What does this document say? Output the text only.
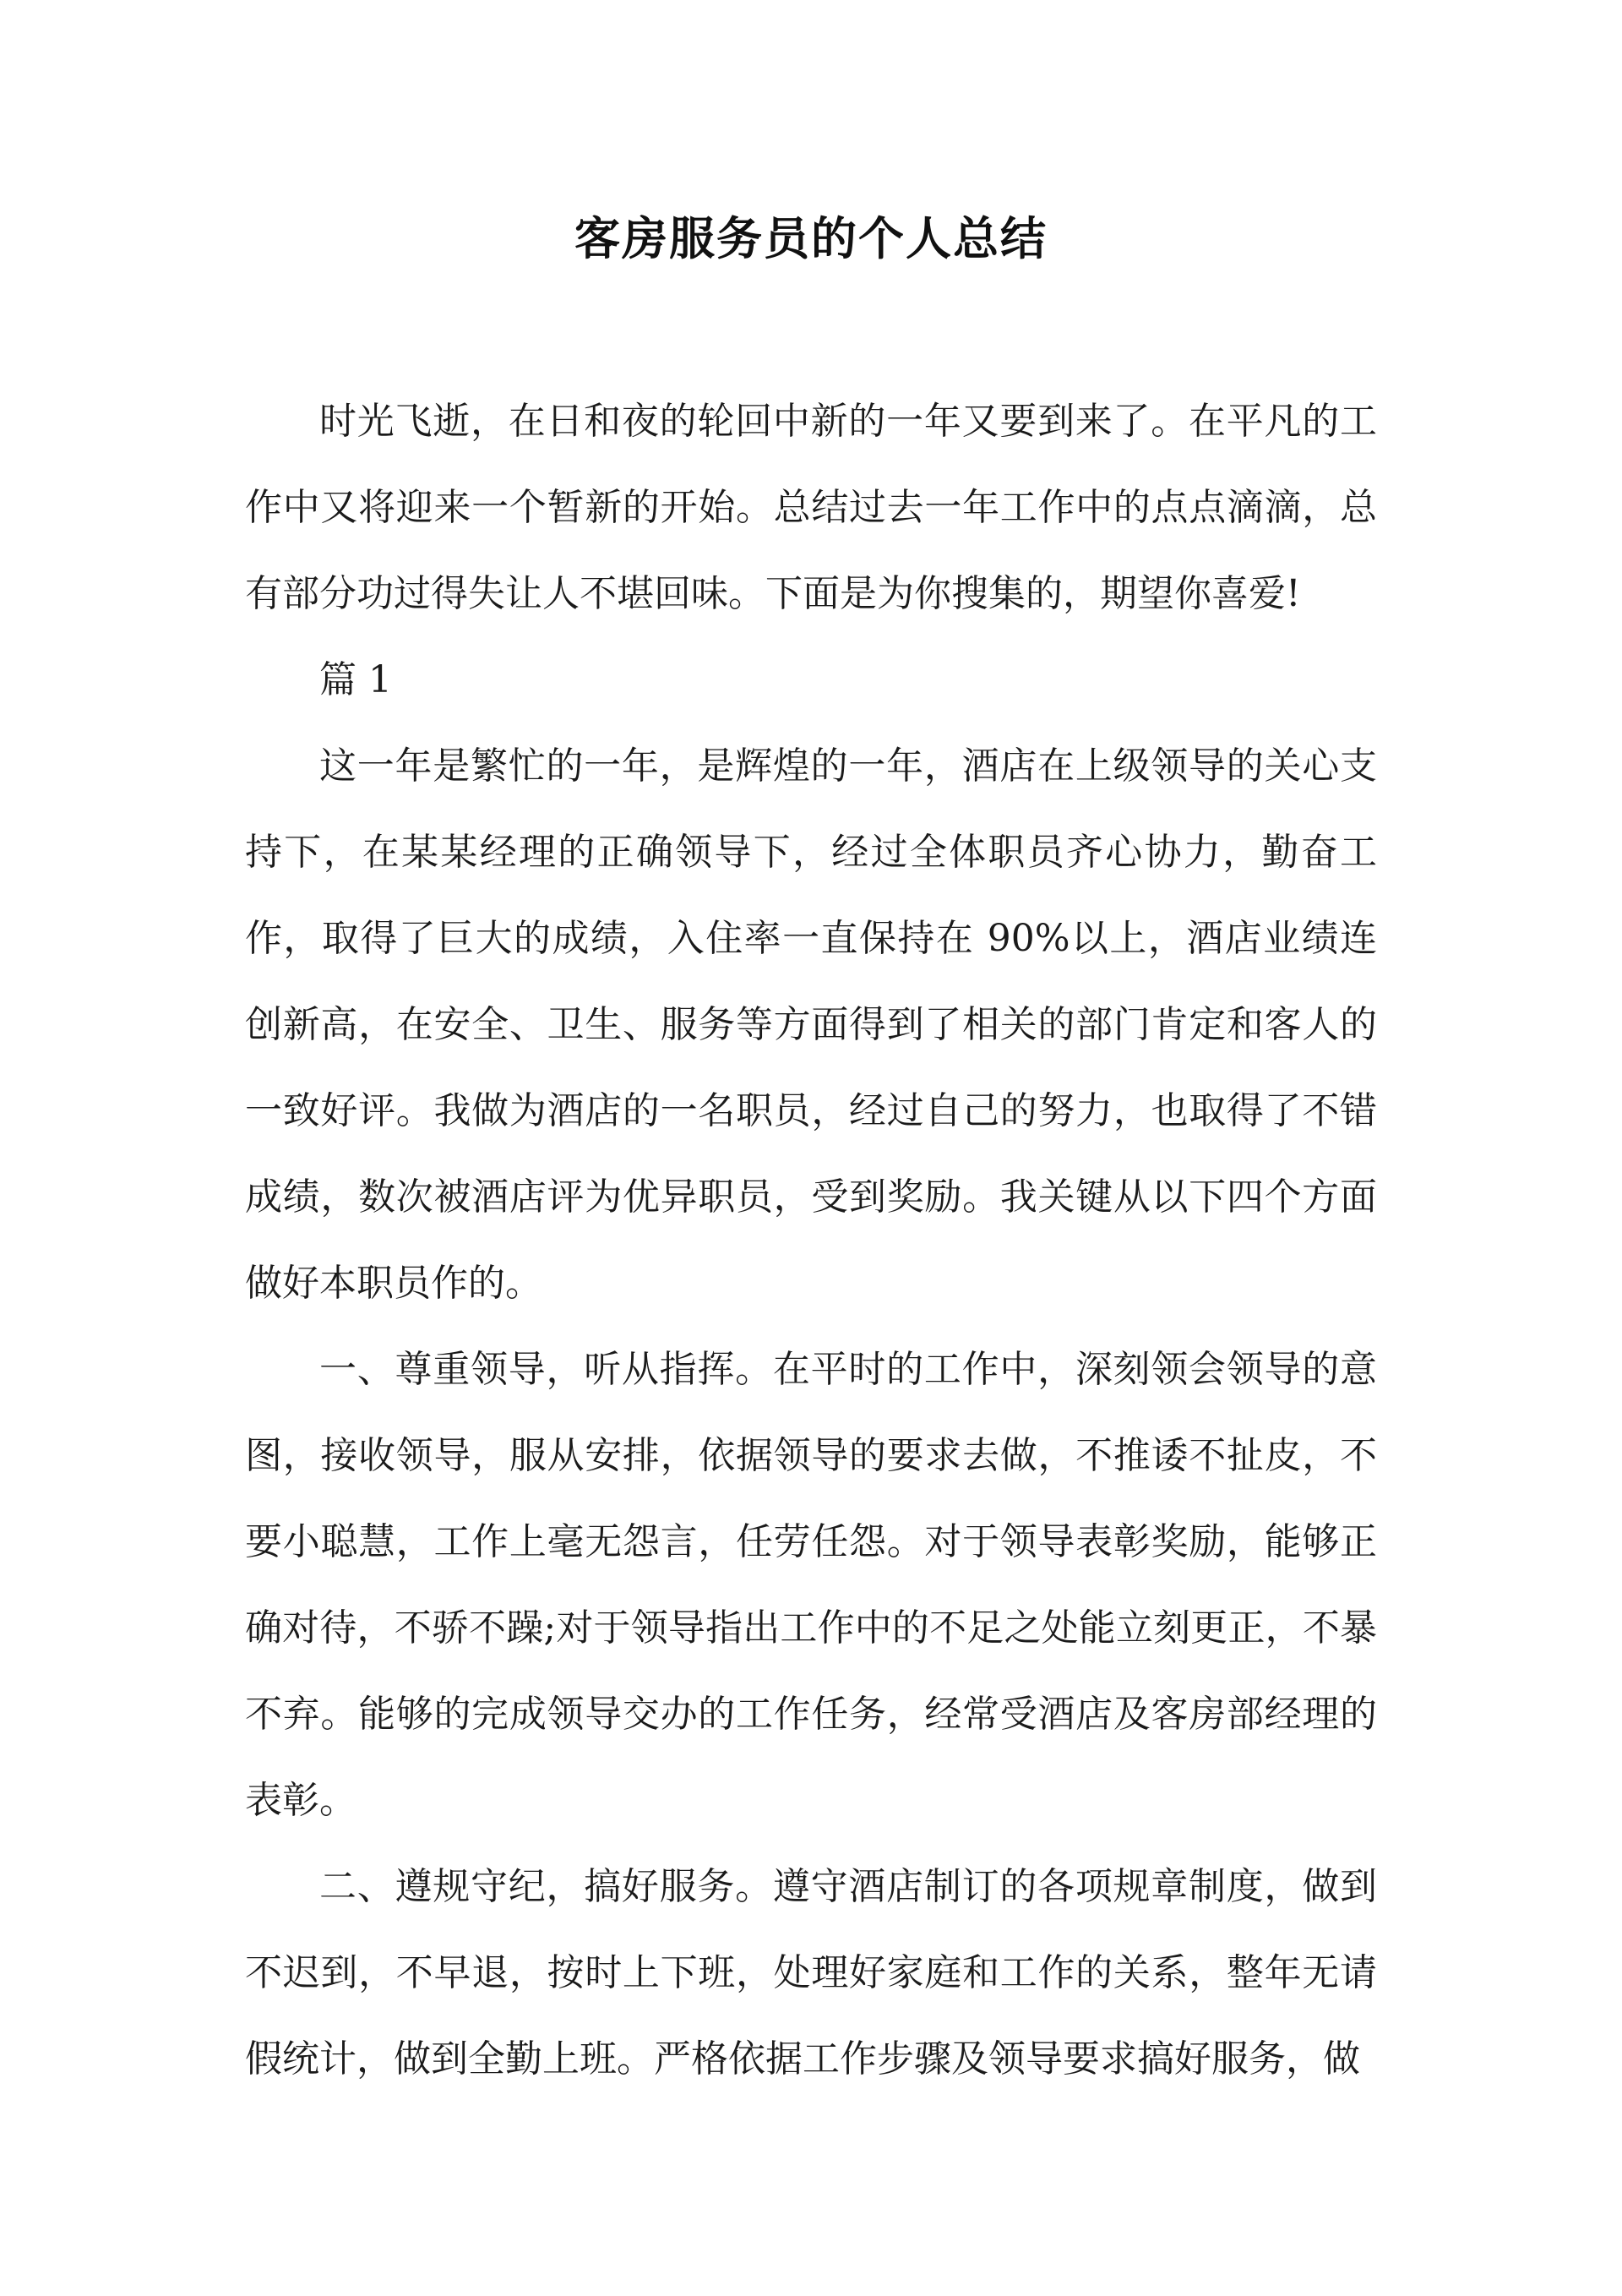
客房服务员的个人总结

时光飞逝，在日和夜的轮回中新的一年又要到来了。在平凡的工作中又将迎来一个暂新的开始。总结过去一年工作中的点点滴滴，总有部分功过得失让人不堪回味。下面是为你搜集的，期望你喜爱!

篇 1

这一年是繁忙的一年，是辉煌的一年，酒店在上级领导的关心支持下，在某某经理的正确领导下，经过全体职员齐心协力，勤奋工作，取得了巨大的成绩，入住率一直保持在 90%以上，酒店业绩连创新高，在安全、卫生、服务等方面得到了相关的部门肯定和客人的一致好评。我做为酒店的一名职员，经过自己的努力，也取得了不错成绩，数次被酒店评为优异职员，受到奖励。我关键从以下四个方面做好本职员作的。

一、尊重领导，听从指挥。在平时的工作中，深刻领会领导的意图，接收领导，服从安排，依据领导的要求去做，不推诿不扯皮，不要小聪慧，工作上毫无怨言，任劳任怨。对于领导表彰奖励，能够正确对待，不骄不躁;对于领导指出工作中的不足之处能立刻更正，不暴不弃。能够的完成领导交办的工作任务，经常受酒店及客房部经理的表彰。

二、遵规守纪，搞好服务。遵守酒店制订的各项规章制度，做到不迟到，不早退，按时上下班，处理好家庭和工作的关系，整年无请假统计，做到全勤上班。严格依据工作步骤及领导要求搞好服务，做
